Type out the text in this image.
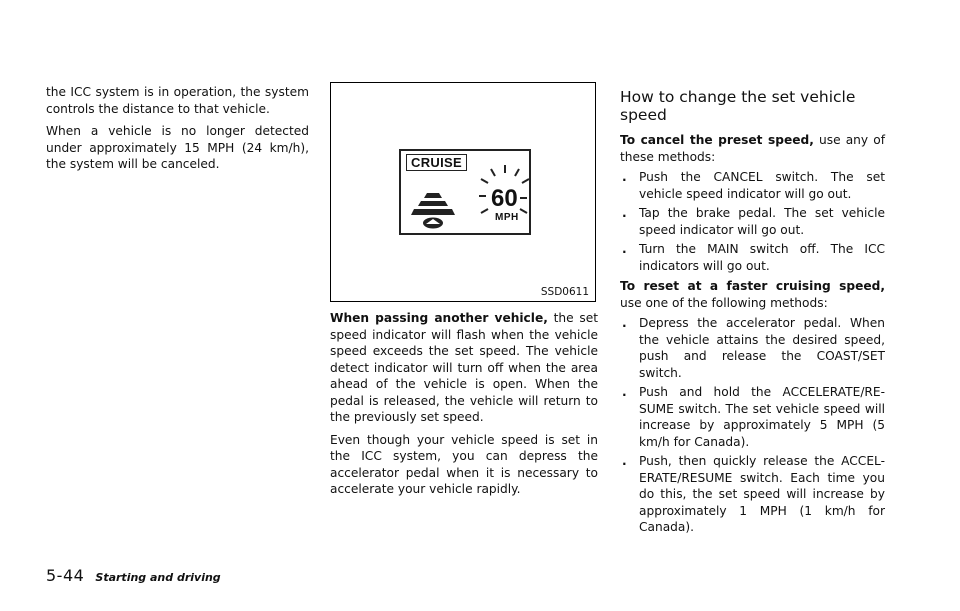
the ICC system is in operation, the system controls the distance to that vehicle.

When a vehicle is no longer detected under approximately 15 MPH (24 km/h), the system will be canceled.	CRUISE
60
MPH
SSD0611

When passing another vehicle, the set speed indicator will flash when the vehicle speed exceeds the set speed. The vehicle detect indicator will turn off when the area ahead of the vehicle is open. When the pedal is released, the vehicle will return to the previously set speed.

Even though your vehicle speed is set in the ICC system, you can depress the accelerator pedal when it is necessary to accelerate your vehicle rapidly.

How to change the set vehicle speed

To cancel the preset speed, use any of these methods:

. Push the CANCEL switch. The set vehicle speed indicator will go out.
. Tap the brake pedal. The set vehicle speed indicator will go out.
. Turn the MAIN switch off. The ICC indicators will go out.

To reset at a faster cruising speed, use one of the following methods:

. Depress the accelerator pedal. When the vehicle attains the desired speed, push and release the COAST/SET switch.
. Push and hold the ACCELERATE/RE-SUME switch. The set vehicle speed will increase by approximately 5 MPH (5 km/h for Canada).
. Push, then quickly release the ACCEL-ERATE/RESUME switch. Each time you do this, the set speed will increase by approximately 1 MPH (1 km/h for Canada).
5-44 Starting and driving
